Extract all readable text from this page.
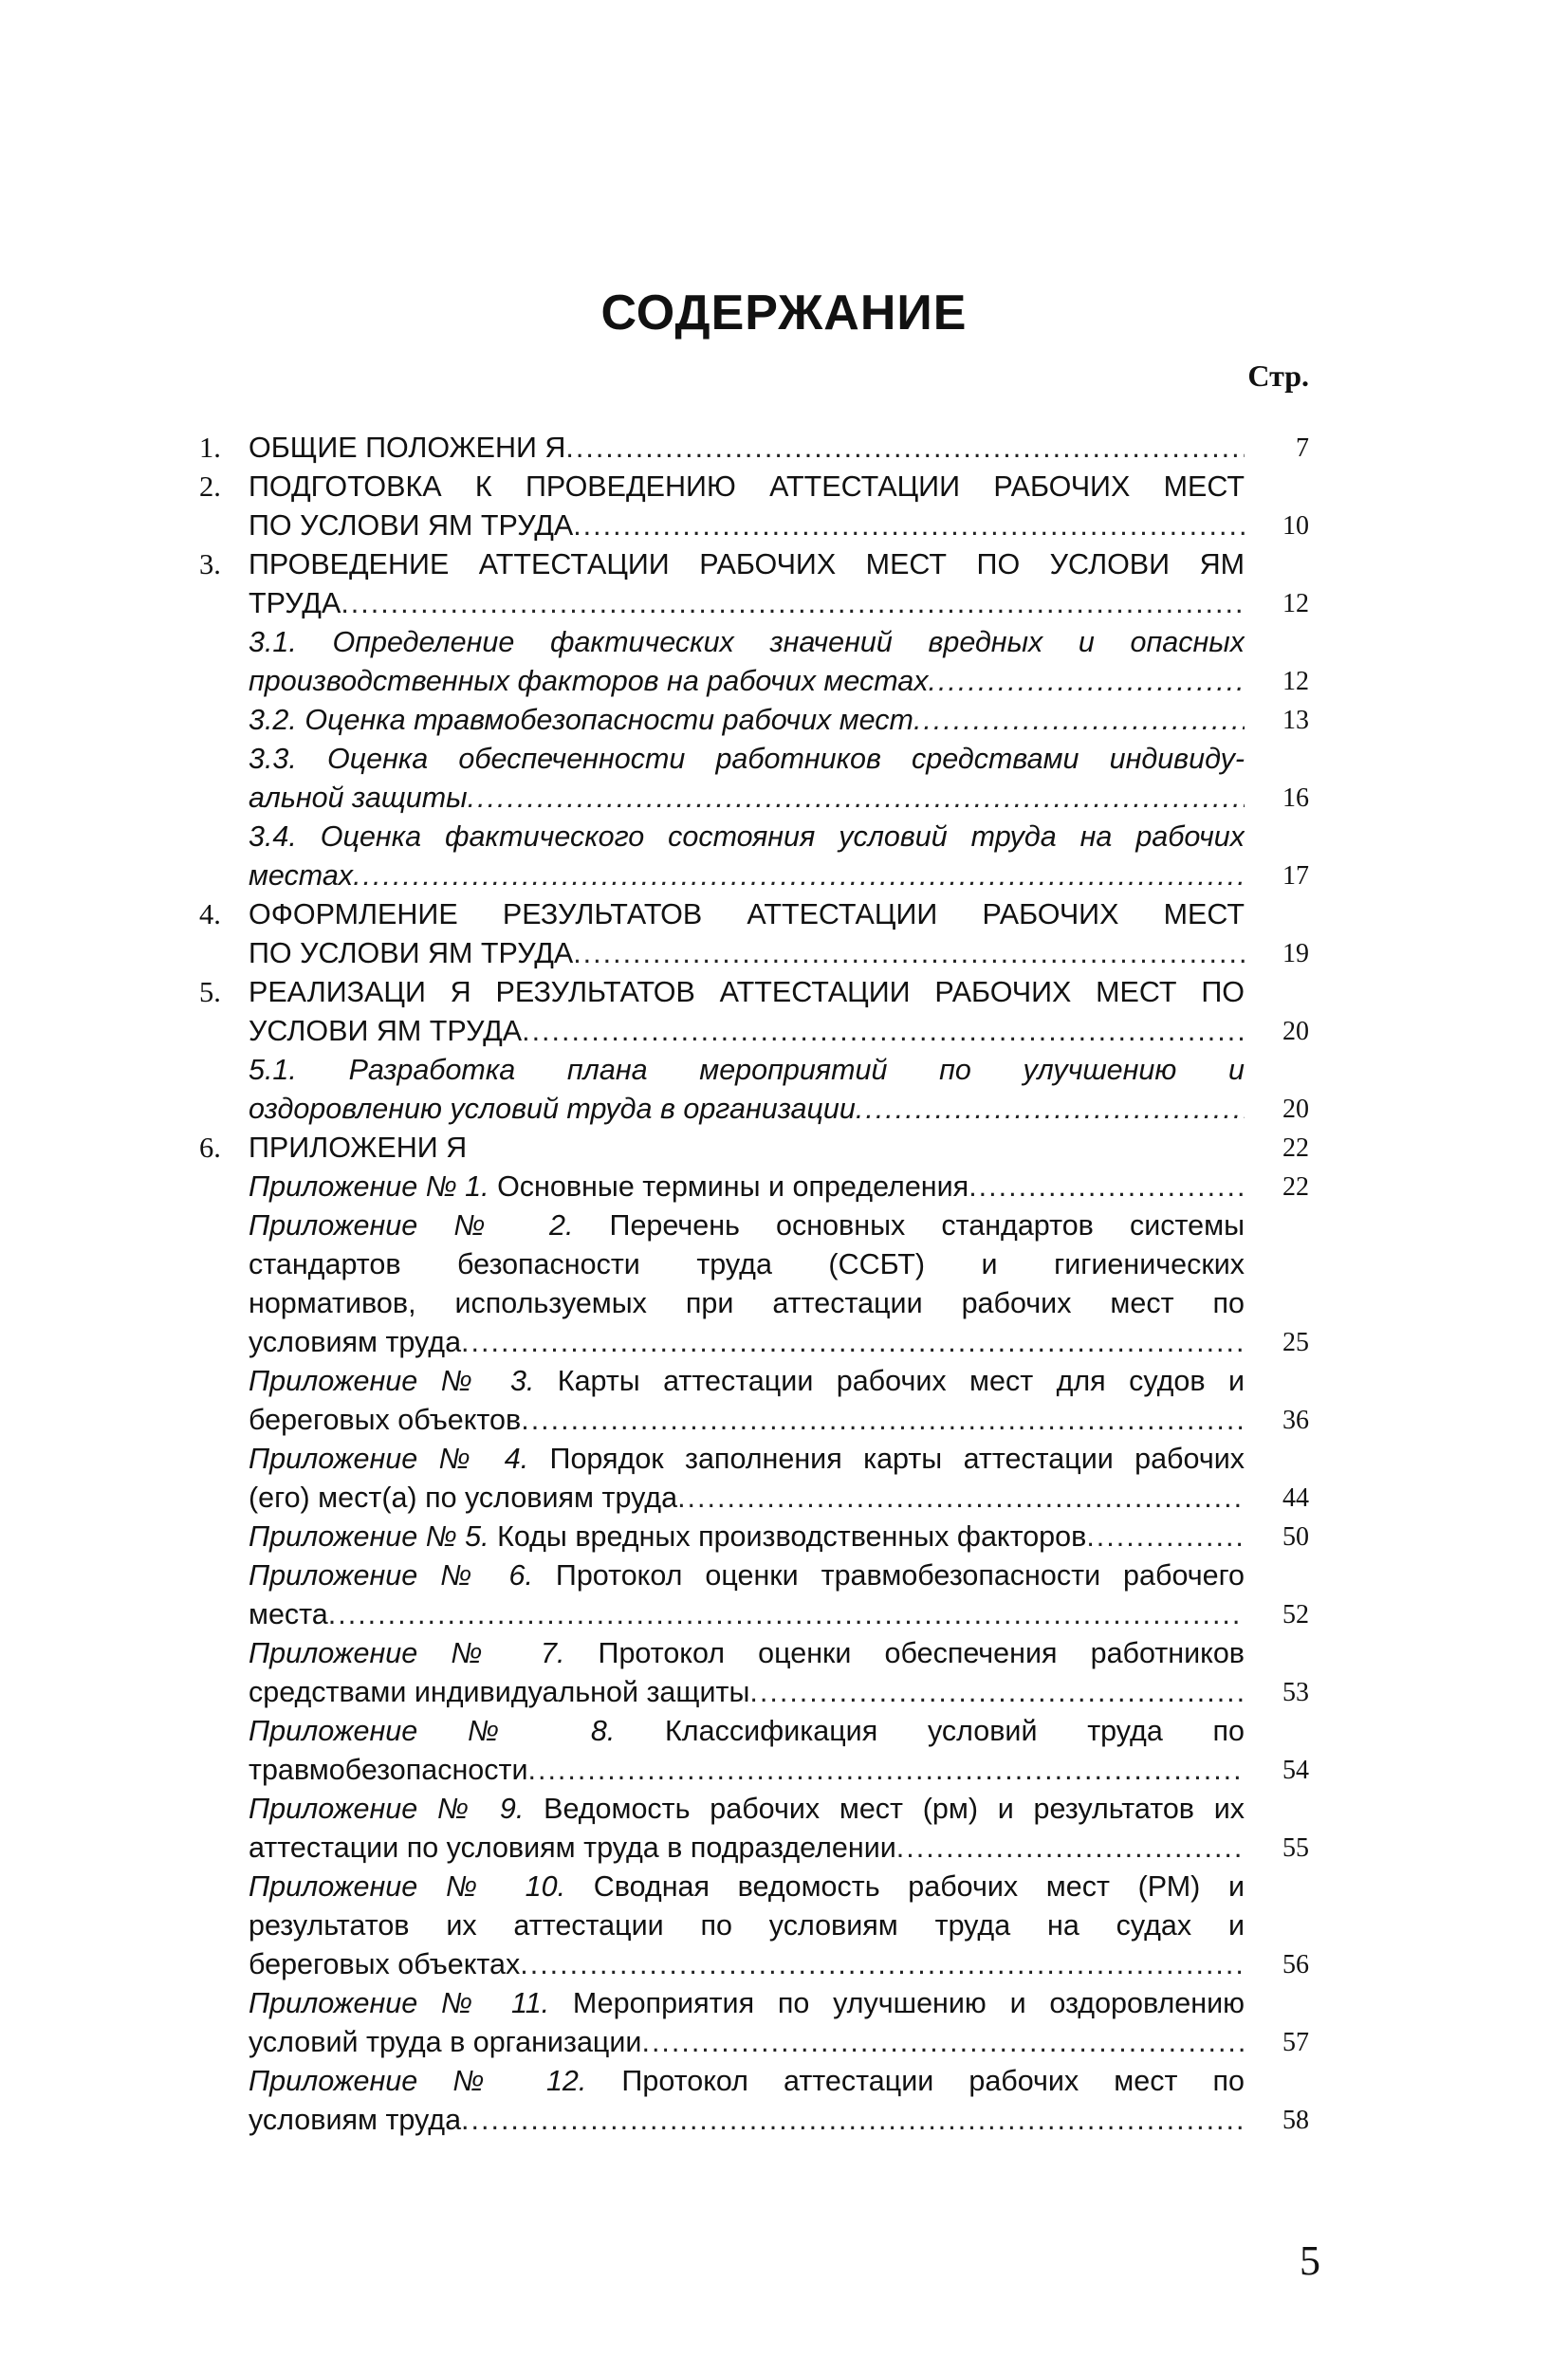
СОДЕРЖАНИЕ
Стр.
1. ОБЩИЕ ПОЛОЖЕНИ Я .....	7
2. ПОДГОТОВКА К ПРОВЕДЕНИЮ АТТЕСТАЦИИ РАБОЧИХ МЕСТ
ПО УСЛОВИ ЯМ ТРУДА .....	10
3. ПРОВЕДЕНИЕ АТТЕСТАЦИИ РАБОЧИХ МЕСТ ПО УСЛОВИ ЯМ
ТРУДА .....	12
3.1. Определение фактических значений вредных и опасных
производственных факторов на рабочих местах .....	12
3.2. Оценка травмобезопасности рабочих мест .....	13
3.3. Оценка обеспеченности работников средствами индивиду-
альной защиты .....	16
3.4. Оценка фактического состояния условий труда на рабочих
местах .....	17
4. ОФОРМЛЕНИЕ РЕЗУЛЬТАТОВ АТТЕСТАЦИИ РАБОЧИХ МЕСТ
ПО УСЛОВИ ЯМ ТРУДА .....	19
5. РЕАЛИЗАЦИ Я РЕЗУЛЬТАТОВ АТТЕСТАЦИИ РАБОЧИХ МЕСТ ПО
УСЛОВИ ЯМ ТРУДА .....	20
5.1. Разработка плана мероприятий по улучшению и
оздоровлению условий труда в организации .....	20
6. ПРИЛОЖЕНИ Я	22
Приложение № 1. Основные термины и определения .....	22
Приложение № 2. Перечень основных стандартов системы
стандартов безопасности труда (ССБТ) и гигиенических
нормативов, используемых при аттестации рабочих мест по
условиям труда .....	25
Приложение № 3. Карты аттестации рабочих мест для судов и
береговых объектов .....	36
Приложение № 4. Порядок заполнения карты аттестации рабочих
(его) мест(а) по условиям труда .....	44
Приложение № 5. Коды вредных производственных факторов .....	50
Приложение № 6. Протокол оценки травмобезопасности рабочего
места .....	52
Приложение № 7. Протокол оценки обеспечения работников
средствами индивидуальной защиты .....	53
Приложение № 8. Классификация условий труда по
травмобезопасности .....	54
Приложение № 9. Ведомость рабочих мест (рм) и результатов их
аттестации по условиям труда в подразделении .....	55
Приложение № 10. Сводная ведомость рабочих мест (РМ) и
результатов их аттестации по условиям труда на судах и
береговых объектах .....	56
Приложение № 11. Мероприятия по улучшению и оздоровлению
условий труда в организации .....	57
Приложение № 12. Протокол аттестации рабочих мест по
условиям труда .....	58
5
